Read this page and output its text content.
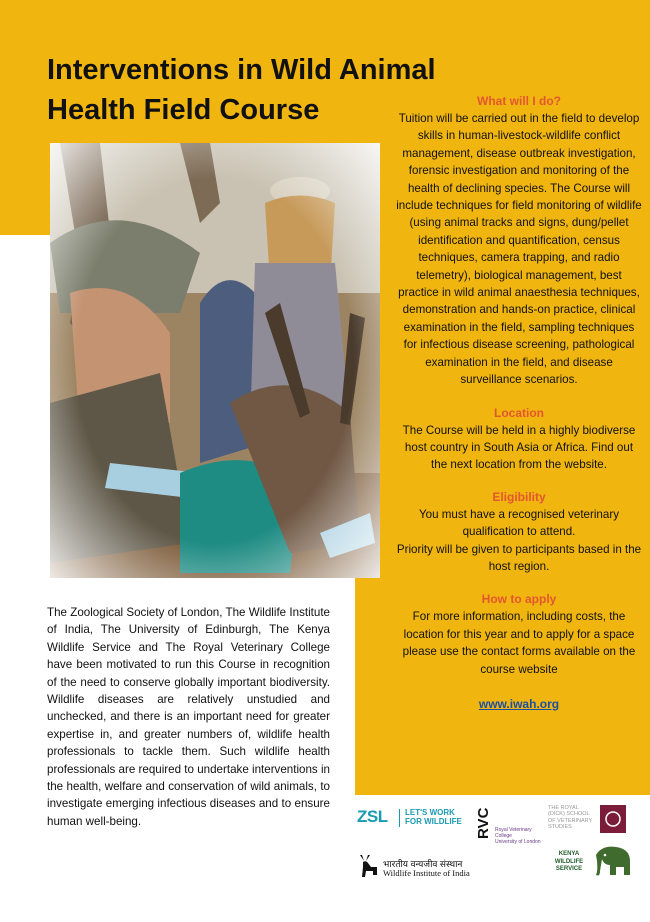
Interventions in Wild Animal
Health Field Course

The Zoological Society of London, The Wildlife Institute of India, The University of Edinburgh, The Kenya Wildlife Service and The Royal Veterinary College have been motivated to run this Course in recognition of the need to conserve globally important biodiversity. Wildlife diseases are relatively unstudied and unchecked, and there is an important need for greater expertise in, and greater numbers of, wildlife health professionals to tackle them. Such wildlife health professionals are required to undertake interventions in the health, welfare and conservation of wild animals, to investigate emerging infectious diseases and to ensure human well-being.

What will I do?

Tuition will be carried out in the field to develop skills in human-livestock-wildlife conflict management, disease outbreak investigation, forensic investigation and monitoring of the health of declining species. The Course will include techniques for field monitoring of wildlife (using animal tracks and signs, dung/pellet identification and quantification, census techniques, camera trapping, and radio telemetry), biological management, best practice in wild animal anaesthesia techniques, demonstration and hands-on practice, clinical examination in the field, sampling techniques for infectious disease screening, pathological examination in the field, and disease surveillance scenarios.

Location

The Course will be held in a highly biodiverse host country in South Asia or Africa. Find out the next location from the website.

Eligibility

You must have a recognised veterinary qualification to attend.

Priority will be given to participants based in the host region.

How to apply

For more information, including costs, the location for this year and to apply for a space please use the contact forms available on the course website

www.iwah.org
ZSL LET'S WORK
FOR WILDLIFE RVC Royal Veterinary College
University of London
THE ROYAL
(DICK) SCHOOL
OF VETERINARY
STUDIES
भारतीय वन्यजीव संस्थान
Wildlife Institute of India
KENYA
WILDLIFE
SERVICE
